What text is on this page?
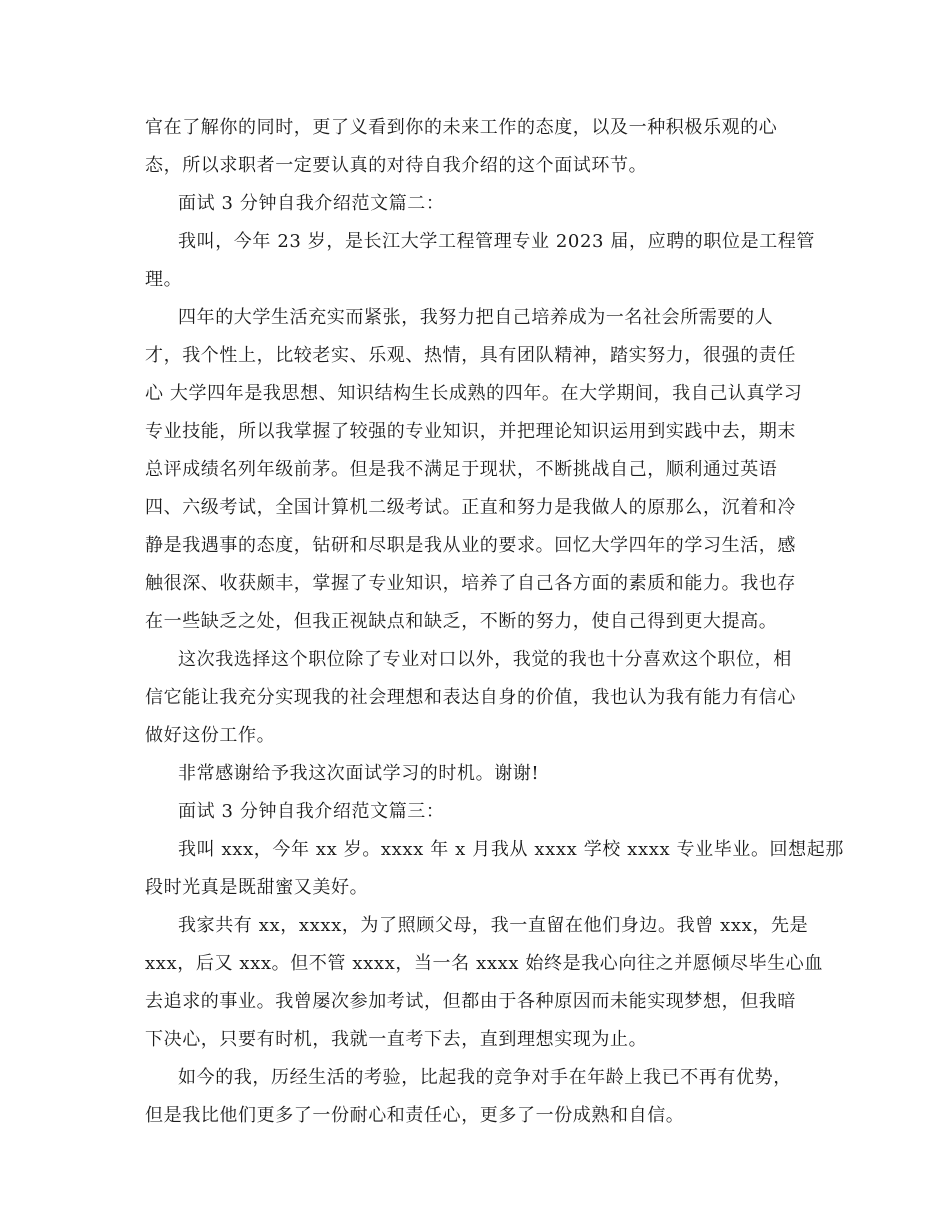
官在了解你的同时，更了义看到你的未来工作的态度，以及一种积极乐观的心
态，所以求职者一定要认真的对待自我介绍的这个面试环节。
面试 3 分钟自我介绍范文篇二：
我叫，今年 23 岁，是长江大学工程管理专业 2023 届，应聘的职位是工程管
理。
四年的大学生活充实而紧张，我努力把自己培养成为一名社会所需要的人
才，我个性上，比较老实、乐观、热情，具有团队精神，踏实努力，很强的责任
心 大学四年是我思想、知识结构生长成熟的四年。在大学期间，我自己认真学习
专业技能，所以我掌握了较强的专业知识，并把理论知识运用到实践中去，期末
总评成绩名列年级前茅。但是我不满足于现状，不断挑战自己，顺利通过英语
四、六级考试，全国计算机二级考试。正直和努力是我做人的原那么，沉着和冷
静是我遇事的态度，钻研和尽职是我从业的要求。回忆大学四年的学习生活，感
触很深、收获颇丰，掌握了专业知识，培养了自己各方面的素质和能力。我也存
在一些缺乏之处，但我正视缺点和缺乏，不断的努力，使自己得到更大提高。
这次我选择这个职位除了专业对口以外，我觉的我也十分喜欢这个职位，相
信它能让我充分实现我的社会理想和表达自身的价值，我也认为我有能力有信心
做好这份工作。
非常感谢给予我这次面试学习的时机。谢谢!
面试 3 分钟自我介绍范文篇三：
我叫 xxx，今年 xx 岁。xxxx 年 x 月我从 xxxx 学校 xxxx 专业毕业。回想起那
段时光真是既甜蜜又美好。
我家共有 xx，xxxx，为了照顾父母，我一直留在他们身边。我曾 xxx，先是
xxx，后又 xxx。但不管 xxxx，当一名 xxxx 始终是我心向往之并愿倾尽毕生心血
去追求的事业。我曾屡次参加考试，但都由于各种原因而未能实现梦想，但我暗
下决心，只要有时机，我就一直考下去，直到理想实现为止。
如今的我，历经生活的考验，比起我的竞争对手在年龄上我已不再有优势，
但是我比他们更多了一份耐心和责任心，更多了一份成熟和自信。
